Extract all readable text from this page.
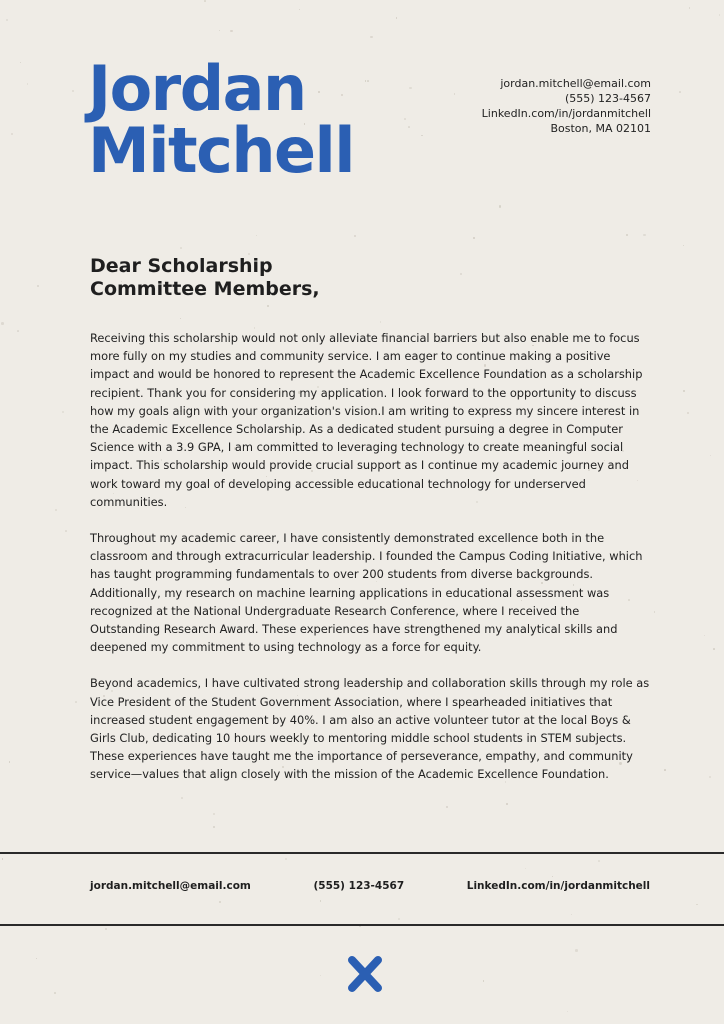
Jordan
Mitchell
jordan.mitchell@email.com
(555) 123-4567
LinkedIn.com/in/jordanmitchell
Boston, MA 02101
Dear Scholarship
Committee Members,

Receiving this scholarship would not only alleviate financial barriers but also enable me to focus more fully on my studies and community service. I am eager to continue making a positive impact and would be honored to represent the Academic Excellence Foundation as a scholarship recipient. Thank you for considering my application. I look forward to the opportunity to discuss how my goals align with your organization's vision.I am writing to express my sincere interest in the Academic Excellence Scholarship. As a dedicated student pursuing a degree in Computer Science with a 3.9 GPA, I am committed to leveraging technology to create meaningful social impact. This scholarship would provide crucial support as I continue my academic journey and work toward my goal of developing accessible educational technology for underserved communities.

Throughout my academic career, I have consistently demonstrated excellence both in the classroom and through extracurricular leadership. I founded the Campus Coding Initiative, which has taught programming fundamentals to over 200 students from diverse backgrounds. Additionally, my research on machine learning applications in educational assessment was recognized at the National Undergraduate Research Conference, where I received the Outstanding Research Award. These experiences have strengthened my analytical skills and deepened my commitment to using technology as a force for equity.

Beyond academics, I have cultivated strong leadership and collaboration skills through my role as Vice President of the Student Government Association, where I spearheaded initiatives that increased student engagement by 40%. I am also an active volunteer tutor at the local Boys & Girls Club, dedicating 10 hours weekly to mentoring middle school students in STEM subjects. These experiences have taught me the importance of perseverance, empathy, and community service—values that align closely with the mission of the Academic Excellence Foundation.

jordan.mitchell@email.com	(555) 123-4567	LinkedIn.com/in/jordanmitchell
